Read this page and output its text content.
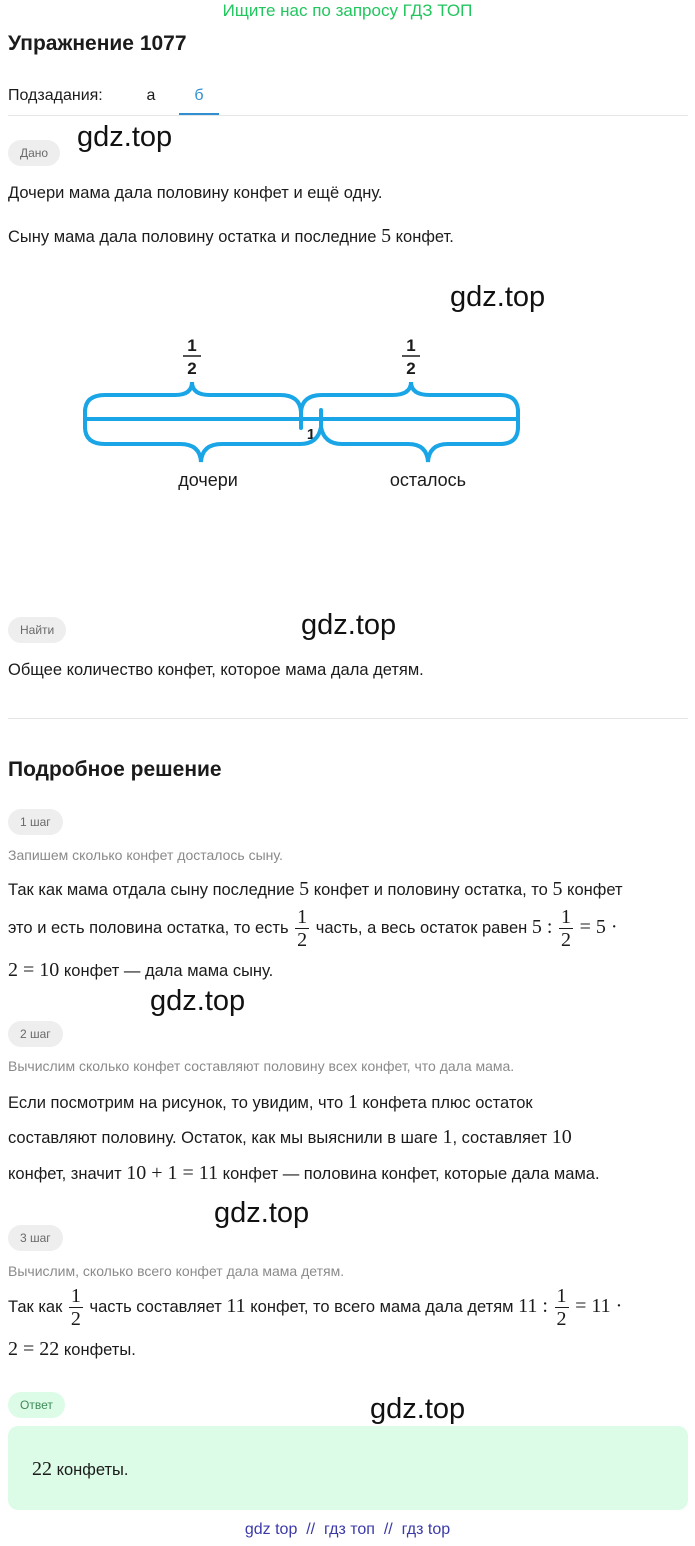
Ищите нас по запросу ГДЗ ТОП
Упражнение 1077
Подзадания:	а	б
Дано gdz.top
Дочери мама дала половину конфет и ещё одну.
Сыну мама дала половину остатка и последние 5 конфет.
gdz.top
1
2
1
2
1
дочери	осталось
Найти	gdz.top
Общее количество конфет, которое мама дала детям.
Подробное решение
1 шаг
Запишем сколько конфет досталось сыну.
Так как мама отдала сыну последние 5 конфет и половину остатка, то 5 конфет
это и есть половина остатка, то есть $\frac{1}{2}$ часть, а весь остаток равен 5 : $\frac{1}{2} = 5$ ·
2 = 10 конфет — дала мама сыну.
gdz.top
2 шаг
Вычислим сколько конфет составляют половину всех конфет, что дала мама.
Если посмотрим на рисунок, то увидим, что 1 конфета плюс остаток
составляют половину. Остаток, как мы выяснили в шаге 1, составляет 10
конфет, значит 10 + 1 = 11 конфет — половина конфет, которые дала мама.
gdz.top
3 шаг
Вычислим, сколько всего конфет дала мама детям.
Так как $\frac{1}{2}$ часть составляет 11 конфет, то всего мама дала детям 11 : $\frac{1}{2} = 11$ ·
2 = 22 конфеты.
Ответ	gdz.top
22 конфеты.
gdz top // гдз топ // гдз top
